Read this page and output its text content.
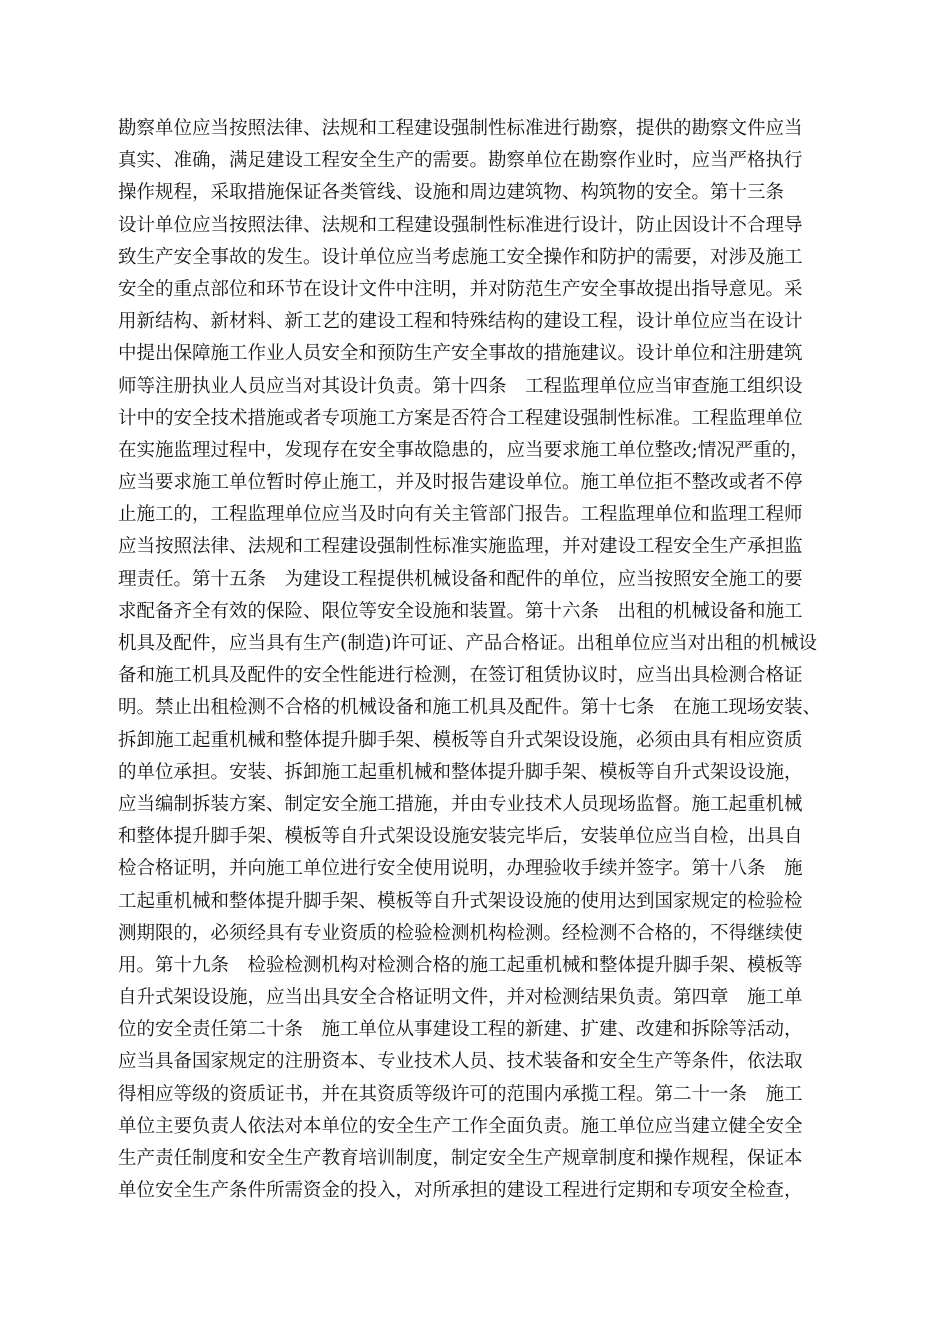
勘察单位应当按照法律、法规和工程建设强制性标准进行勘察，提供的勘察文件应当
真实、准确，满足建设工程安全生产的需要。勘察单位在勘察作业时，应当严格执行
操作规程，采取措施保证各类管线、设施和周边建筑物、构筑物的安全。第十三条
设计单位应当按照法律、法规和工程建设强制性标准进行设计，防止因设计不合理导
致生产安全事故的发生。设计单位应当考虑施工安全操作和防护的需要，对涉及施工
安全的重点部位和环节在设计文件中注明，并对防范生产安全事故提出指导意见。采
用新结构、新材料、新工艺的建设工程和特殊结构的建设工程，设计单位应当在设计
中提出保障施工作业人员安全和预防生产安全事故的措施建议。设计单位和注册建筑
师等注册执业人员应当对其设计负责。第十四条　工程监理单位应当审查施工组织设
计中的安全技术措施或者专项施工方案是否符合工程建设强制性标准。工程监理单位
在实施监理过程中，发现存在安全事故隐患的，应当要求施工单位整改;情况严重的，
应当要求施工单位暂时停止施工，并及时报告建设单位。施工单位拒不整改或者不停
止施工的，工程监理单位应当及时向有关主管部门报告。工程监理单位和监理工程师
应当按照法律、法规和工程建设强制性标准实施监理，并对建设工程安全生产承担监
理责任。第十五条　为建设工程提供机械设备和配件的单位，应当按照安全施工的要
求配备齐全有效的保险、限位等安全设施和装置。第十六条　出租的机械设备和施工
机具及配件，应当具有生产(制造)许可证、产品合格证。出租单位应当对出租的机械设
备和施工机具及配件的安全性能进行检测，在签订租赁协议时，应当出具检测合格证
明。禁止出租检测不合格的机械设备和施工机具及配件。第十七条　在施工现场安装、
拆卸施工起重机械和整体提升脚手架、模板等自升式架设设施，必须由具有相应资质
的单位承担。安装、拆卸施工起重机械和整体提升脚手架、模板等自升式架设设施，
应当编制拆装方案、制定安全施工措施，并由专业技术人员现场监督。施工起重机械
和整体提升脚手架、模板等自升式架设设施安装完毕后，安装单位应当自检，出具自
检合格证明，并向施工单位进行安全使用说明，办理验收手续并签字。第十八条　施
工起重机械和整体提升脚手架、模板等自升式架设设施的使用达到国家规定的检验检
测期限的，必须经具有专业资质的检验检测机构检测。经检测不合格的，不得继续使
用。第十九条　检验检测机构对检测合格的施工起重机械和整体提升脚手架、模板等
自升式架设设施，应当出具安全合格证明文件，并对检测结果负责。第四章　施工单
位的安全责任第二十条　施工单位从事建设工程的新建、扩建、改建和拆除等活动，
应当具备国家规定的注册资本、专业技术人员、技术装备和安全生产等条件，依法取
得相应等级的资质证书，并在其资质等级许可的范围内承揽工程。第二十一条　施工
单位主要负责人依法对本单位的安全生产工作全面负责。施工单位应当建立健全安全
生产责任制度和安全生产教育培训制度，制定安全生产规章制度和操作规程，保证本
单位安全生产条件所需资金的投入，对所承担的建设工程进行定期和专项安全检查，
